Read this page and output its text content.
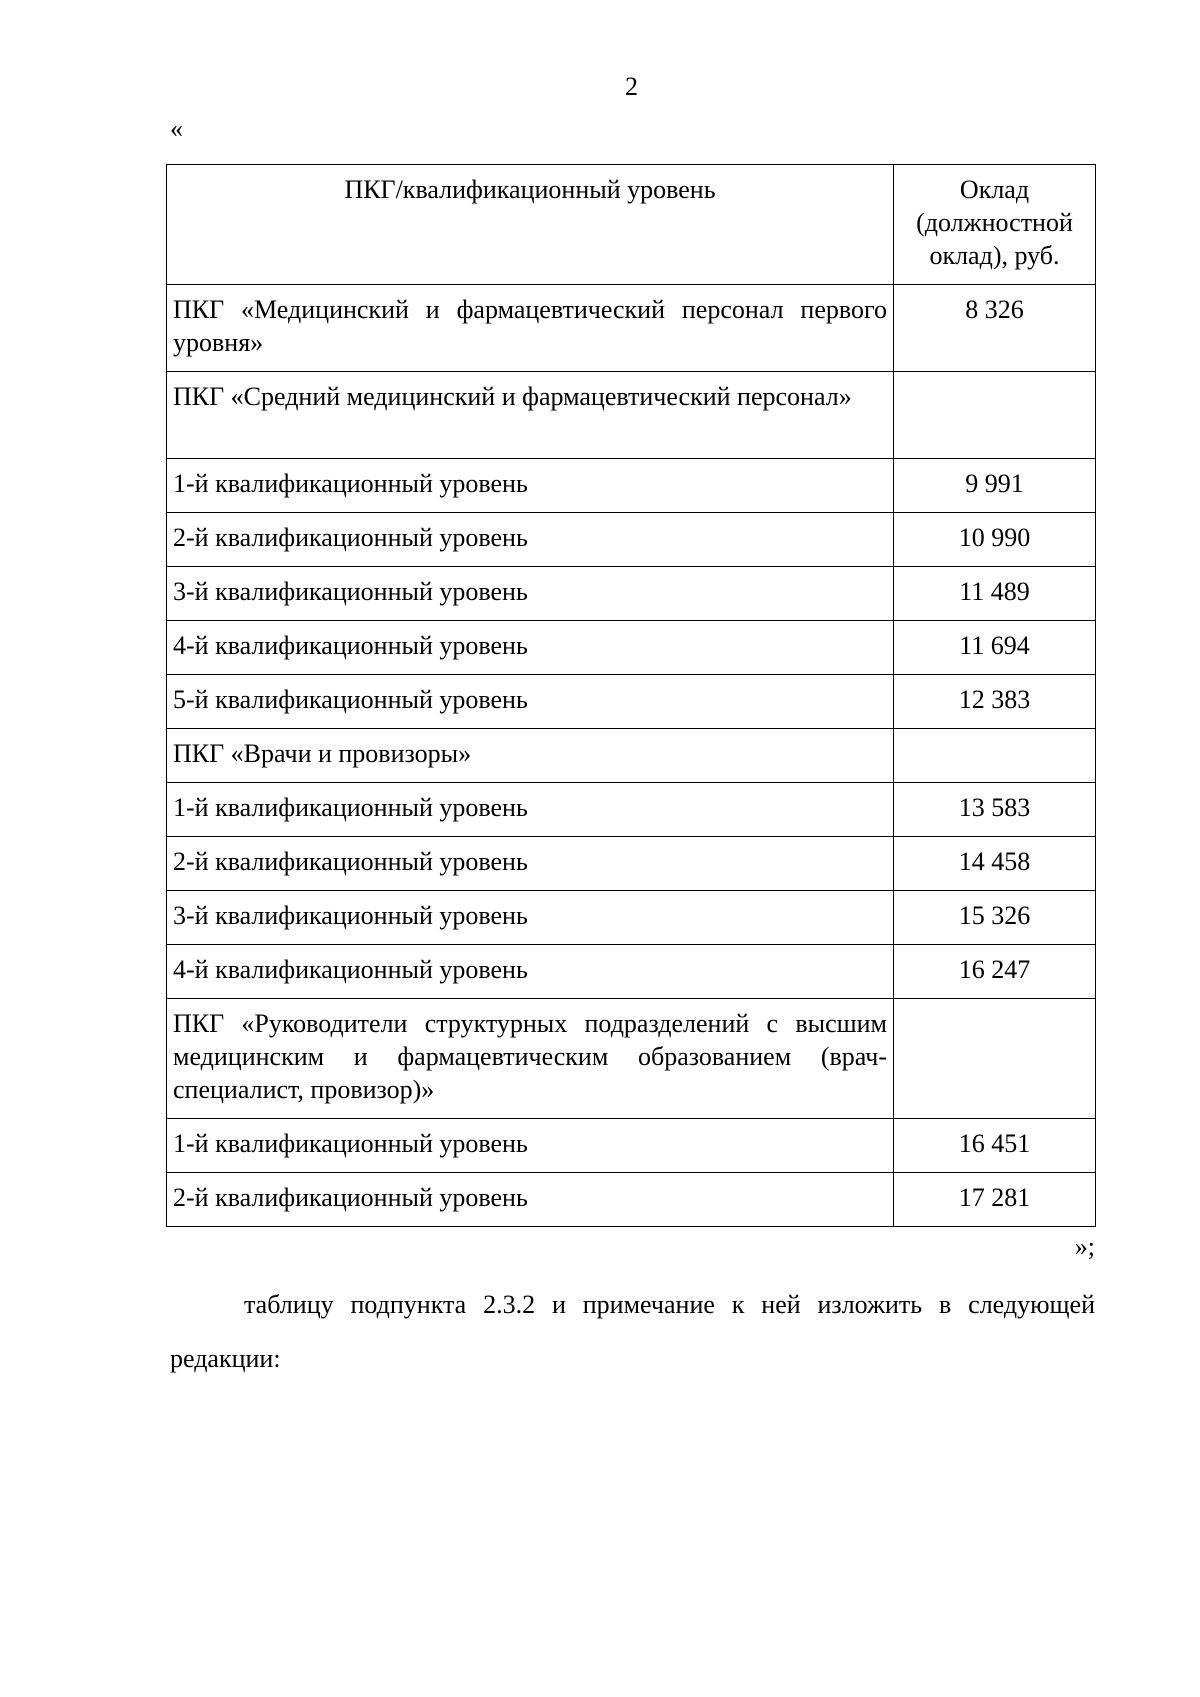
2
«
ПКГ/квалификационный уровень	Оклад (должностной оклад), руб.
ПКГ «Медицинский и фармацевтический персонал первого уровня»	8 326
ПКГ «Средний медицинский и фармацевтический персонал»	
1-й квалификационный уровень	9 991
2-й квалификационный уровень	10 990
3-й квалификационный уровень	11 489
4-й квалификационный уровень	11 694
5-й квалификационный уровень	12 383
ПКГ «Врачи и провизоры»	
1-й квалификационный уровень	13 583
2-й квалификационный уровень	14 458
3-й квалификационный уровень	15 326
4-й квалификационный уровень	16 247
ПКГ «Руководители структурных подразделений с высшим медицинским и фармацевтическим образованием (врач-специалист, провизор)»	
1-й квалификационный уровень	16 451
2-й квалификационный уровень	17 281
»;

таблицу подпункта 2.3.2 и примечание к ней изложить в следующей редакции:
